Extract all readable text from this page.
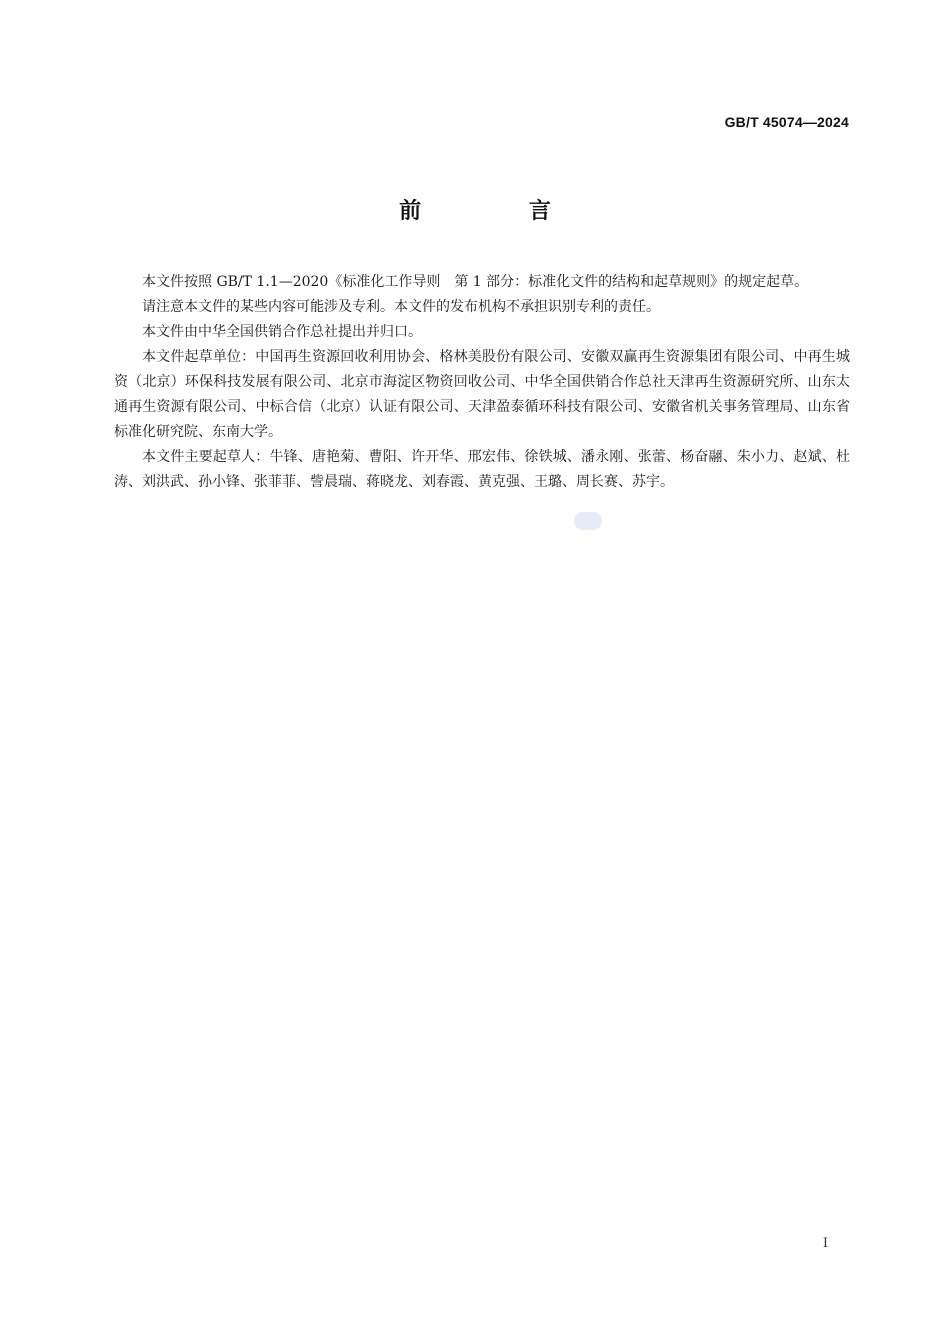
GB/T 45074—2024
前 言

本文件按照 GB/T 1.1—2020《标准化工作导则　第 1 部分：标准化文件的结构和起草规则》的规定起草。

请注意本文件的某些内容可能涉及专利。本文件的发布机构不承担识别专利的责任。

本文件由中华全国供销合作总社提出并归口。

本文件起草单位：中国再生资源回收利用协会、格林美股份有限公司、安徽双赢再生资源集团有限公司、中再生城资（北京）环保科技发展有限公司、北京市海淀区物资回收公司、中华全国供销合作总社天津再生资源研究所、山东太通再生资源有限公司、中标合信（北京）认证有限公司、天津盈泰循环科技有限公司、安徽省机关事务管理局、山东省标准化研究院、东南大学。

本文件主要起草人：牛锋、唐艳菊、曹阳、许开华、邢宏伟、徐铁城、潘永刚、张蕾、杨奋翮、朱小力、赵斌、杜涛、刘洪武、孙小锋、张菲菲、訾晨瑞、蒋晓龙、刘春霞、黄克强、王璐、周长赛、苏宇。

I
